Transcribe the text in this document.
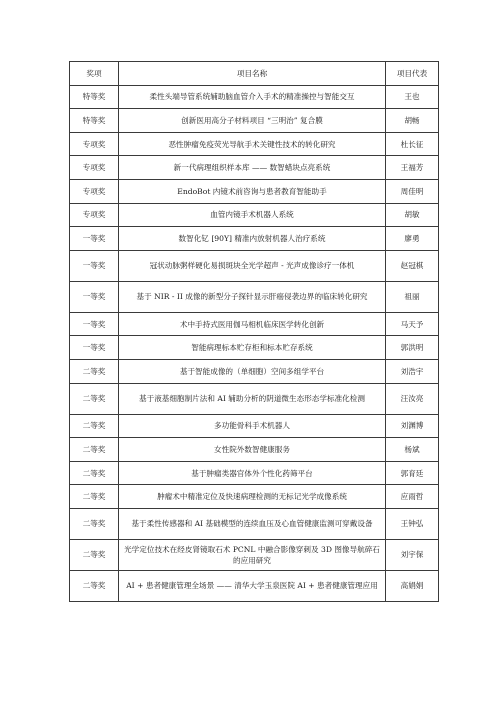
奖项	项目名称	项目代表
特等奖	柔性头端导管系统辅助脑血管介入手术的精准操控与智能交互	王也
特等奖	创新医用高分子材料项目 “三明治” 复合膜	胡畅
专项奖	恶性肿瘤免疫荧光导航手术关键性技术的转化研究	杜长征
专项奖	新一代病理组织样本库 —— 数智蜡块点亮系统	王福芳
专项奖	EndoBot 内镜术前咨询与患者教育智能助手	周佳明
专项奖	血管内镜手术机器人系统	胡敏
一等奖	数智化钇 [90Y] 精准内放射机器人治疗系统	廖勇
一等奖	冠状动脉粥样硬化易损斑块全光学超声 - 光声成像诊疗一体机	赵冠棋
一等奖	基于 NIR - II 成像的新型分子探针显示肝癌侵袭边界的临床转化研究	祖丽
一等奖	术中手持式医用伽马相机临床医学转化创新	马天予
一等奖	智能病理标本贮存柜和标本贮存系统	郭洪明
二等奖	基于智能成像的（单细胞）空间多组学平台	刘浩宇
二等奖	基于液基细胞制片法和 AI 辅助分析的阴道微生态形态学标准化检测	汪汝亮
二等奖	多功能骨科手术机器人	刘渊博
二等奖	女性院外数智健康服务	杨斌
二等奖	基于肿瘤类器官体外个性化药筛平台	郭育廷
二等奖	肿瘤术中精准定位及快速病理检测的无标记光学成像系统	应雨哲
二等奖	基于柔性传感器和 AI 基础模型的连续血压及心血管健康监测可穿戴设备	王钟弘
二等奖	光学定位技术在经皮肾镜取石术 PCNL 中融合影像穿刺及 3D 图像导航碎石的应用研究	刘宇保
二等奖	AI + 患者健康管理全场景 —— 清华大学玉泉医院 AI + 患者健康管理应用	高娟娟
